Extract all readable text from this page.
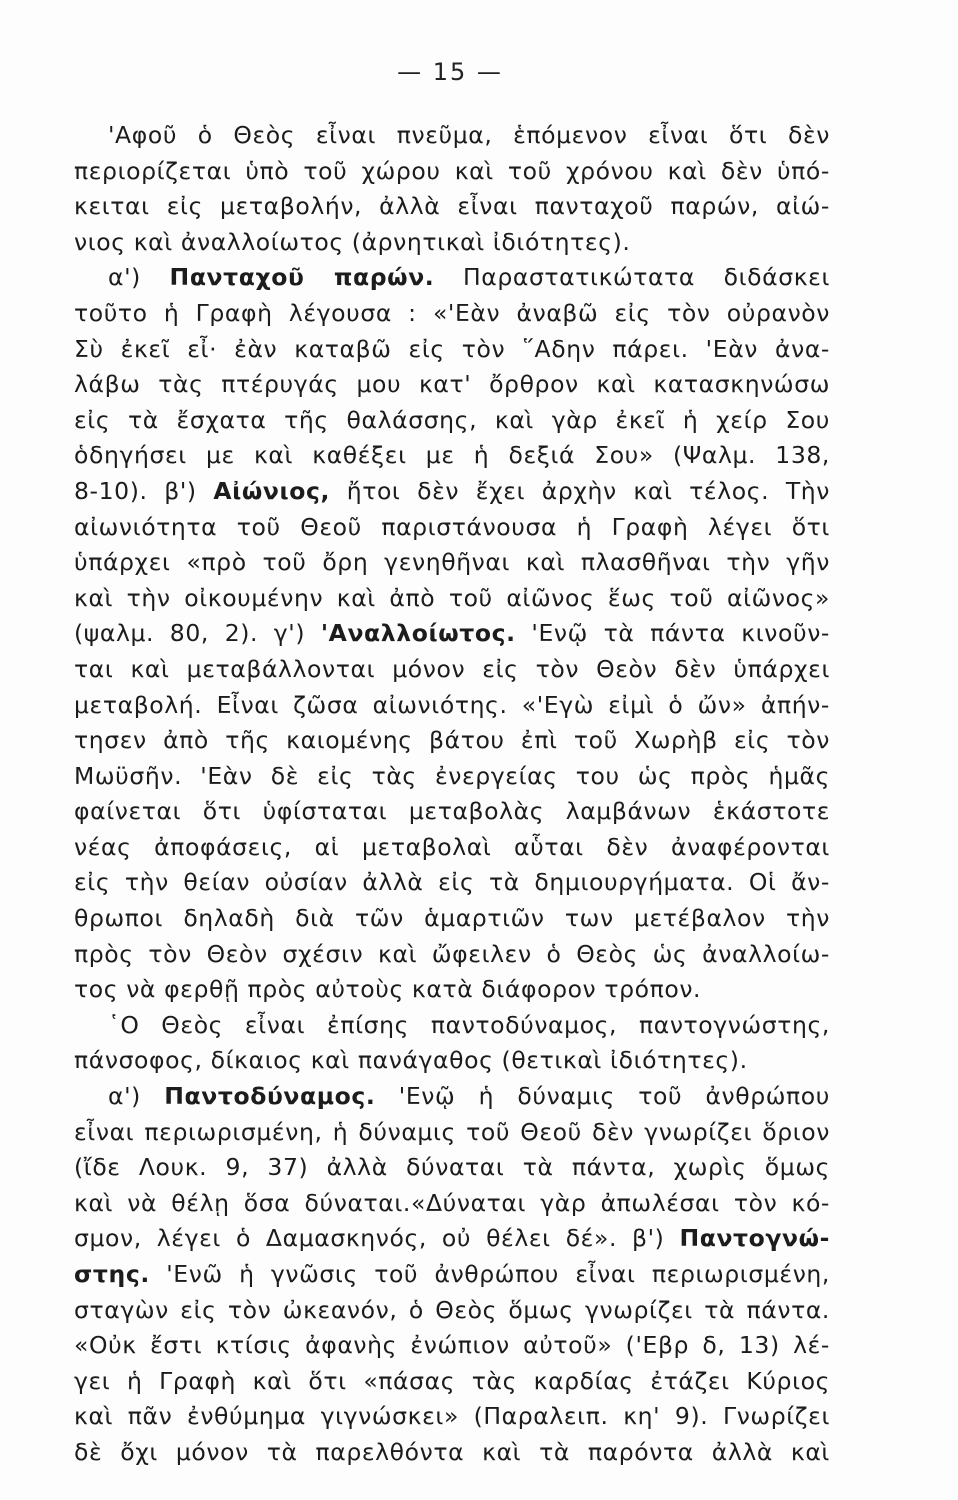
— 15 —
'Αφοῦ ὁ Θεὸς εἶναι πνεῦμα, ἑπόμενον εἶναι ὅτι δὲν
περιορίζεται ὑπὸ τοῦ χώρου καὶ τοῦ χρόνου καὶ δὲν ὑπό-
κειται εἰς μεταβολήν, ἀλλὰ εἶναι πανταχοῦ παρών, αἰώ-
νιος καὶ ἀναλλοίωτος (ἀρνητικαὶ ἰδιότητες).
α') Πανταχοῦ παρών. Παραστατικώτατα διδάσκει
τοῦτο ἡ Γραφὴ λέγουσα : «'Εὰν ἀναβῶ εἰς τὸν οὐρανὸν
Σὺ ἐκεῖ εἶ· ἐὰν καταβῶ εἰς τὸν ῞Αδην πάρει. 'Εὰν ἀνα-
λάβω τὰς πτέρυγάς μου κατ' ὄρθρον καὶ κατασκηνώσω
εἰς τὰ ἔσχατα τῆς θαλάσσης, καὶ γὰρ ἐκεῖ ἡ χείρ Σου
ὁδηγήσει με καὶ καθέξει με ἡ δεξιά Σου» (Ψαλμ. 138,
8-10). β') Αἰώνιος, ἤτοι δὲν ἔχει ἀρχὴν καὶ τέλος. Τὴν
αἰωνιότητα τοῦ Θεοῦ παριστάνουσα ἡ Γραφὴ λέγει ὅτι
ὑπάρχει «πρὸ τοῦ ὄρη γενηθῆναι καὶ πλασθῆναι τὴν γῆν
καὶ τὴν οἰκουμένην καὶ ἀπὸ τοῦ αἰῶνος ἕως τοῦ αἰῶνος»
(ψαλμ. 80, 2). γ') 'Αναλλοίωτος. 'Ενῷ τὰ πάντα κινοῦν-
ται καὶ μεταβάλλονται μόνον εἰς τὸν Θεὸν δὲν ὑπάρχει
μεταβολή. Εἶναι ζῶσα αἰωνιότης. «'Εγὼ εἰμὶ ὁ ὤν» ἀπήν-
τησεν ἀπὸ τῆς καιομένης βάτου ἐπὶ τοῦ Χωρὴβ εἰς τὸν
Μωϋσῆν. 'Εὰν δὲ εἰς τὰς ἐνεργείας του ὡς πρὸς ἡμᾶς
φαίνεται ὅτι ὑφίσταται μεταβολὰς λαμβάνων ἑκάστοτε
νέας ἀποφάσεις, αἱ μεταβολαὶ αὗται δὲν ἀναφέρονται
εἰς τὴν θείαν οὐσίαν ἀλλὰ εἰς τὰ δημιουργήματα. Οἱ ἄν-
θρωποι δηλαδὴ διὰ τῶν ἁμαρτιῶν των μετέβαλον τὴν
πρὸς τὸν Θεὸν σχέσιν καὶ ὤφειλεν ὁ Θεὸς ὡς ἀναλλοίω-
τος νὰ φερθῇ πρὸς αὐτοὺς κατὰ διάφορον τρόπον.
῾Ο Θεὸς εἶναι ἐπίσης παντοδύναμος, παντογνώστης,
πάνσοφος, δίκαιος καὶ πανάγαθος (θετικαὶ ἰδιότητες).
α') Παντοδύναμος. 'Ενῷ ἡ δύναμις τοῦ ἀνθρώπου
εἶναι περιωρισμένη, ἡ δύναμις τοῦ Θεοῦ δὲν γνωρίζει ὅριον
(ἴδε Λουκ. 9, 37) ἀλλὰ δύναται τὰ πάντα, χωρὶς ὅμως
καὶ νὰ θέλῃ ὅσα δύναται.«Δύναται γὰρ ἀπωλέσαι τὸν κό-
σμον, λέγει ὁ Δαμασκηνός, οὐ θέλει δέ». β') Παντογνώ-
στης. 'Ενῶ ἡ γνῶσις τοῦ ἀνθρώπου εἶναι περιωρισμένη,
σταγὼν εἰς τὸν ὠκεανόν, ὁ Θεὸς ὅμως γνωρίζει τὰ πάντα.
«Οὐκ ἔστι κτίσις ἀφανὴς ἐνώπιον αὐτοῦ» ('Εβρ δ, 13) λέ-
γει ἡ Γραφὴ καὶ ὅτι «πάσας τὰς καρδίας ἐτάζει Κύριος
καὶ πᾶν ἐνθύμημα γιγνώσκει» (Παραλειπ. κη' 9). Γνωρίζει
δὲ ὄχι μόνον τὰ παρελθόντα καὶ τὰ παρόντα ἀλλὰ καὶ
